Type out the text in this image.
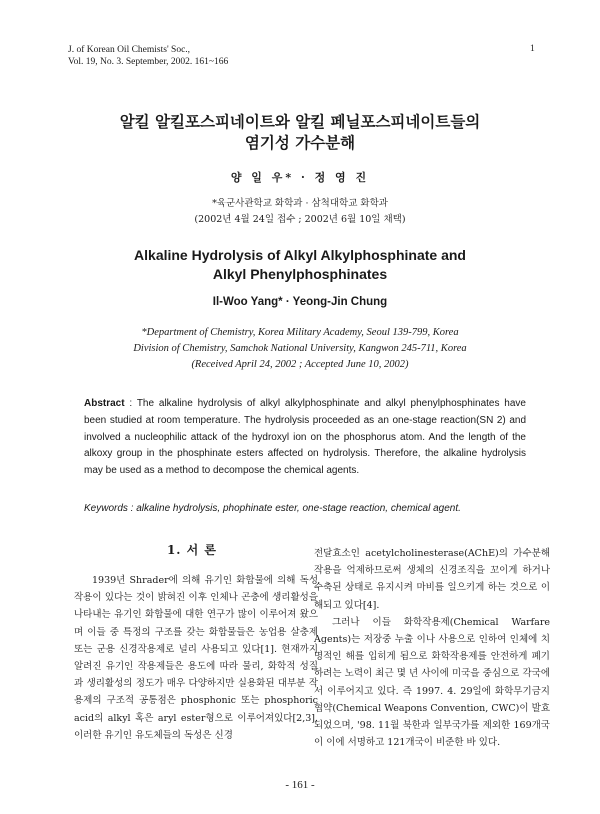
J. of Korean Oil Chemists' Soc.,
Vol. 19, No. 3. September, 2002. 161~166
1
알킬 알킬포스피네이트와 알킬 페닐포스피네이트들의
염기성 가수분해
양 일 우* · 정 영 진
*육군사관학교 화학과 · 삼척대학교 화학과
(2002년 4월 24일 접수 ; 2002년 6월 10일 채택)
Alkaline Hydrolysis of Alkyl Alkylphosphinate and
Alkyl Phenylphosphinates
Il-Woo Yang* · Yeong-Jin Chung
*Department of Chemistry, Korea Military Academy, Seoul 139-799, Korea
Division of Chemistry, Samchok National University, Kangwon 245-711, Korea
(Received April 24, 2002 ; Accepted June 10, 2002)
Abstract : The alkaline hydrolysis of alkyl alkylphosphinate and alkyl phenylphosphinates have been studied at room temperature. The hydrolysis proceeded as an one-stage reaction(SN 2) and involved a nucleophilic attack of the hydroxyl ion on the phosphorus atom. And the length of the alkoxy group in the phosphinate esters affected on hydrolysis. Therefore, the alkaline hydrolysis may be used as a method to decompose the chemical agents.
Keywords : alkaline hydrolysis, phophinate ester, one-stage reaction, chemical agent.
1. 서 론

1939년 Shrader에 의해 유기인 화합물에 의해 독성작용이 있다는 것이 밝혀진 이후 인체나 곤충에 생리활성을 나타내는 유기인 화합물에 대한 연구가 많이 이루어져 왔으며 이들 중 특정의 구조를 갖는 화합물들은 농업용 살충제 또는 군용 신경작용제로 널리 사용되고 있다[1]. 현재까지 알려진 유기인 작용제들은 용도에 따라 물리, 화학적 성질과 생리활성의 정도가 매우 다양하지만 실용화된 대부분 작용제의 구조적 공통점은 phosphonic 또는 phosphoric acid의 alkyl 혹은 aryl ester형으로 이루어져있다[2,3]. 이러한 유기인 유도체들의 독성은 신경

전달효소인 acetylcholinesterase(AChE)의 가수분해 작용을 억제하므로써 생체의 신경조직을 꼬이게 하거나 수축된 상태로 유지시켜 마비를 일으키게 하는 것으로 이해되고 있다[4].

그러나 이들 화학작용제(Chemical Warfare Agents)는 저장중 누출 이나 사용으로 인하여 인체에 치명적인 해를 입히게 됨으로 화학작용제를 안전하게 폐기하려는 노력이 최근 몇 년 사이에 미국을 중심으로 각국에서 이루어지고 있다. 즉 1997. 4. 29일에 화학무기금지협약(Chemical Weapons Convention, CWC)이 발효되었으며, '98. 11월 북한과 일부국가를 제외한 169개국이 이에 서명하고 121개국이 비준한 바 있다.

- 161 -
